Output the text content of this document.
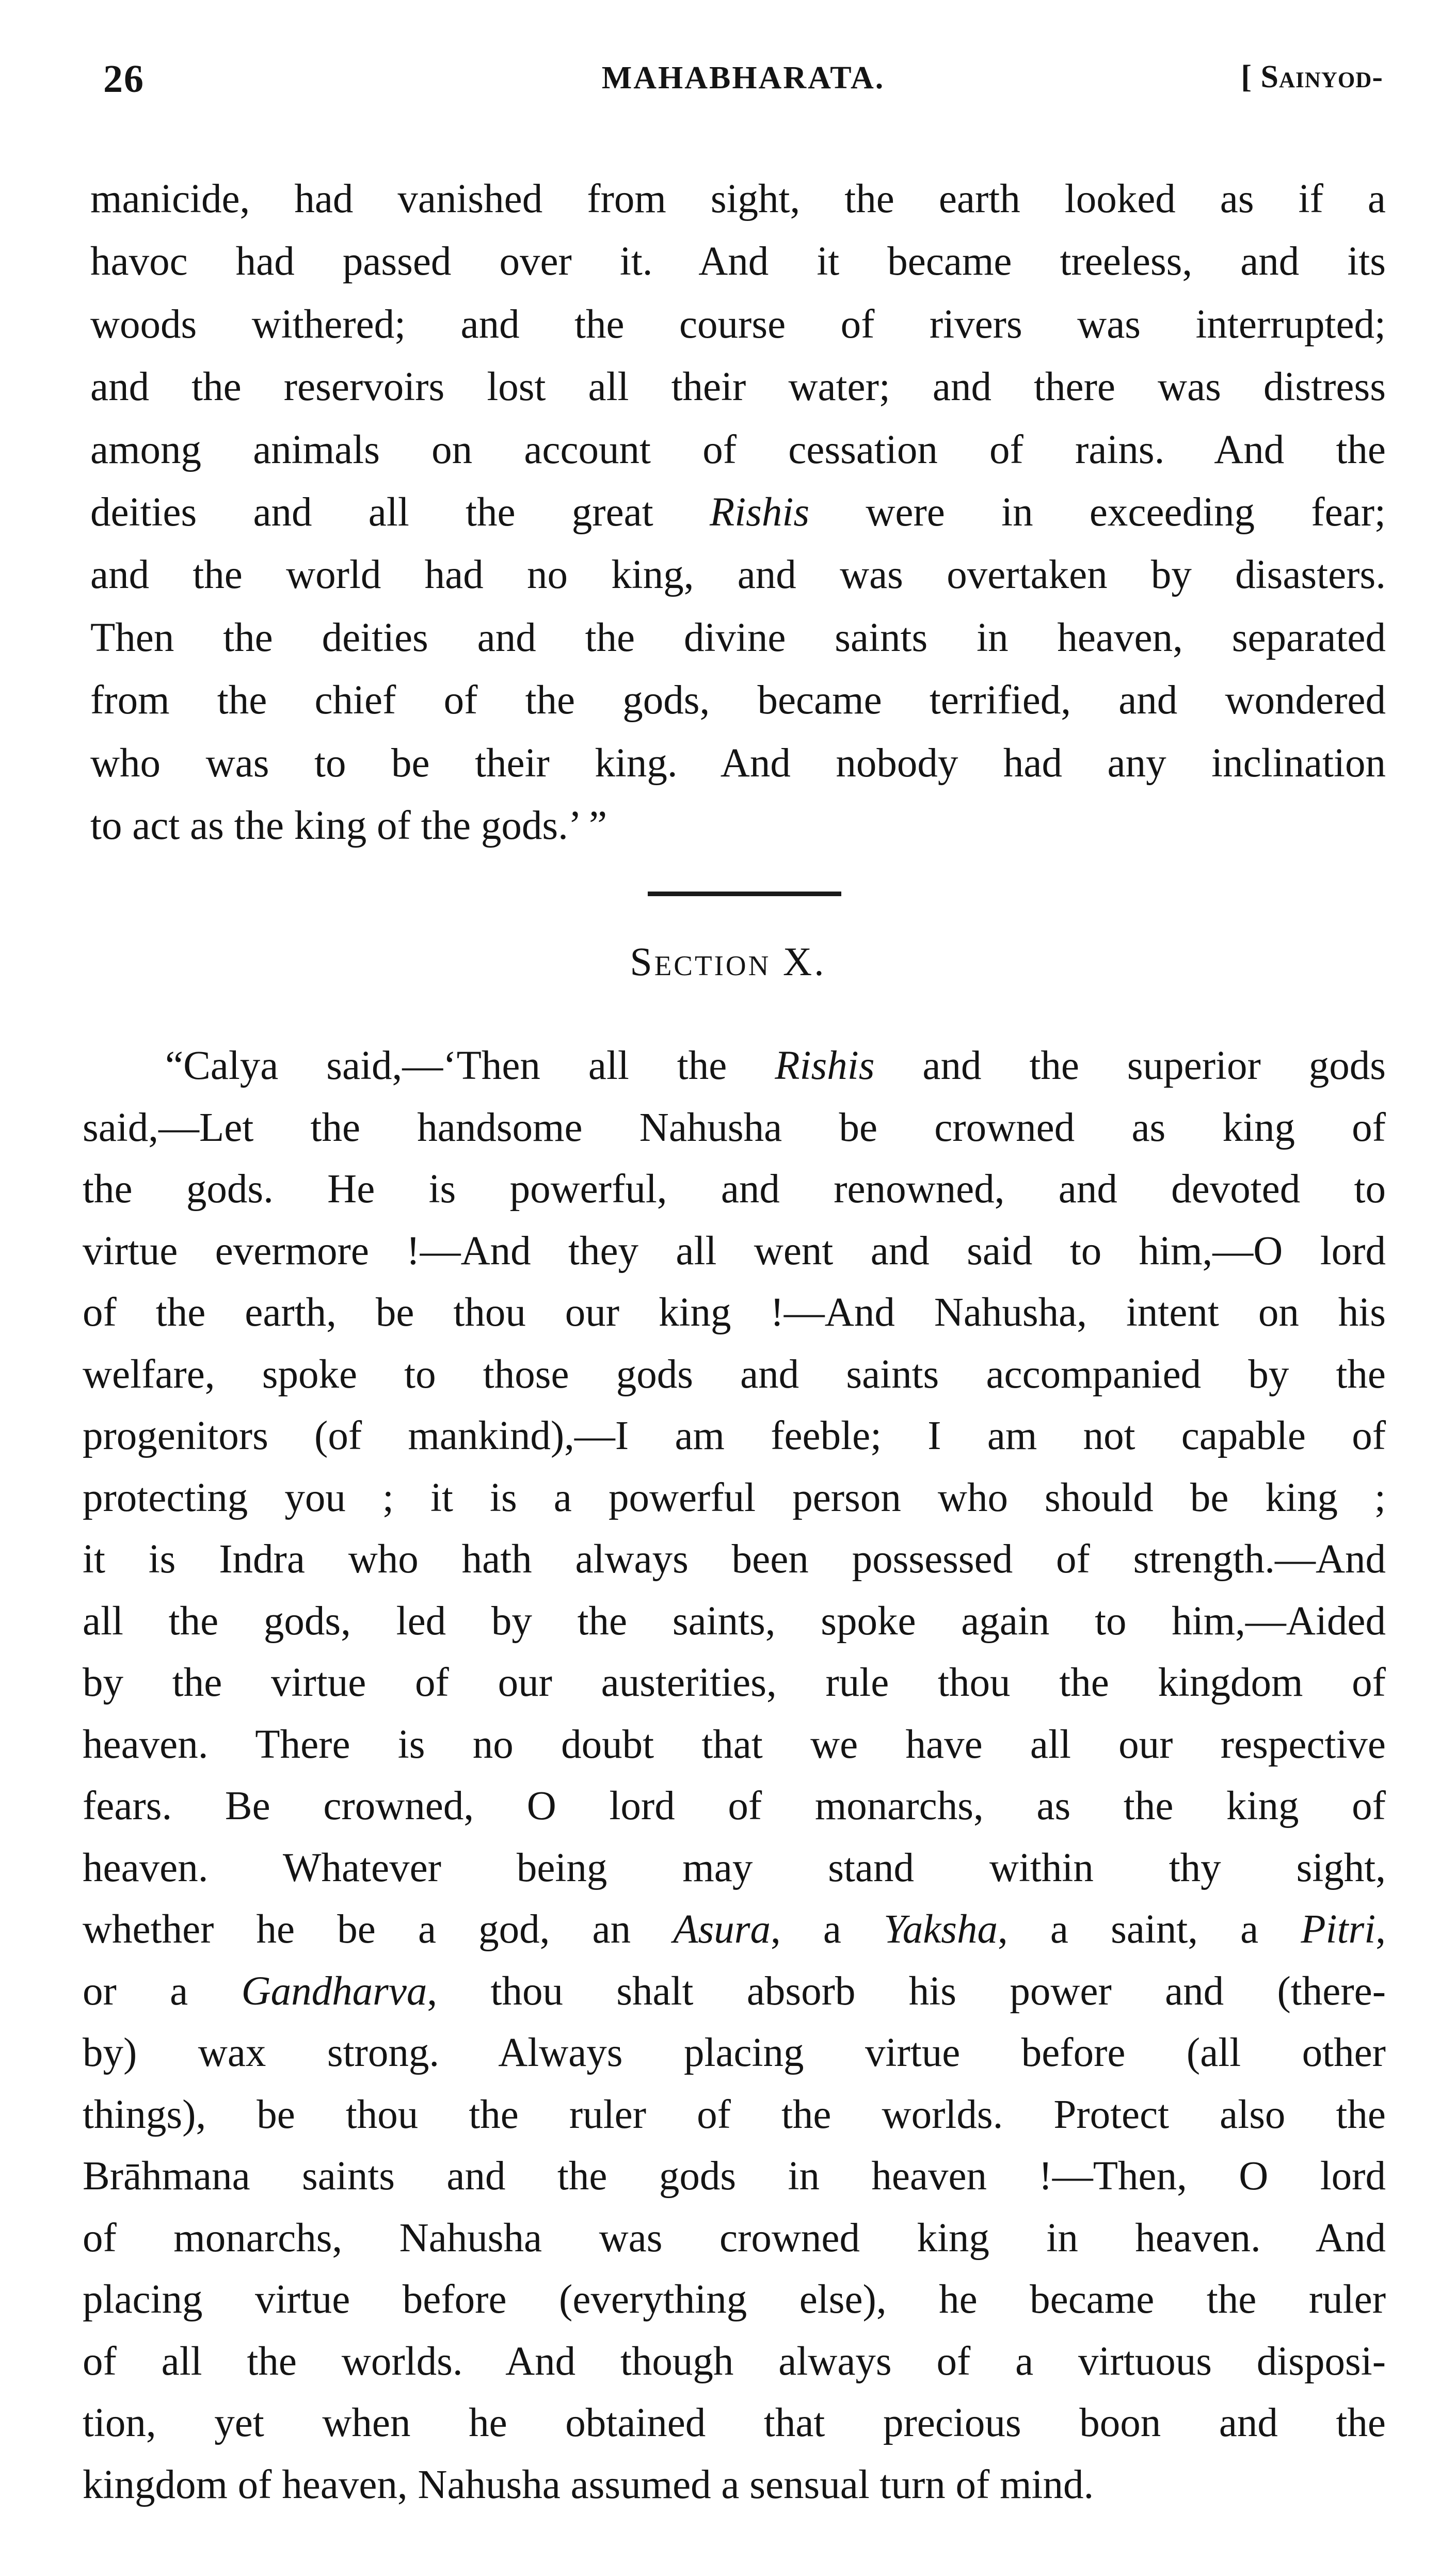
26	MAHABHARATA.	[ Sainyod-
manicide, had vanished from sight, the earth looked as if a
havoc had passed over it. And it became treeless, and its
woods withered; and the course of rivers was interrupted;
and the reservoirs lost all their water; and there was distress
among animals on account of cessation of rains. And the
deities and all the great Rishis were in exceeding fear;
and the world had no king, and was overtaken by disasters.
Then the deities and the divine saints in heaven, separated
from the chief of the gods, became terrified, and wondered
who was to be their king. And nobody had any inclination
to act as the king of the gods.’ ”
Section X.
“Calya said,—‘Then all the Rishis and the superior gods
said,—Let the handsome Nahusha be crowned as king of
the gods. He is powerful, and renowned, and devoted to
virtue evermore !—And they all went and said to him,—O lord
of the earth, be thou our king !—And Nahusha, intent on his
welfare, spoke to those gods and saints accompanied by the
progenitors (of mankind),—I am feeble; I am not capable of
protecting you ; it is a powerful person who should be king ;
it is Indra who hath always been possessed of strength.—And
all the gods, led by the saints, spoke again to him,—Aided
by the virtue of our austerities, rule thou the kingdom of
heaven. There is no doubt that we have all our respective
fears. Be crowned, O lord of monarchs, as the king of
heaven. Whatever being may stand within thy sight,
whether he be a god, an Asura, a Yaksha, a saint, a Pitri,
or a Gandharva, thou shalt absorb his power and (there-
by) wax strong. Always placing virtue before (all other
things), be thou the ruler of the worlds. Protect also the
Brāhmana saints and the gods in heaven !—Then, O lord
of monarchs, Nahusha was crowned king in heaven. And
placing virtue before (everything else), he became the ruler
of all the worlds. And though always of a virtuous disposi-
tion, yet when he obtained that precious boon and the
kingdom of heaven, Nahusha assumed a sensual turn of mind.
